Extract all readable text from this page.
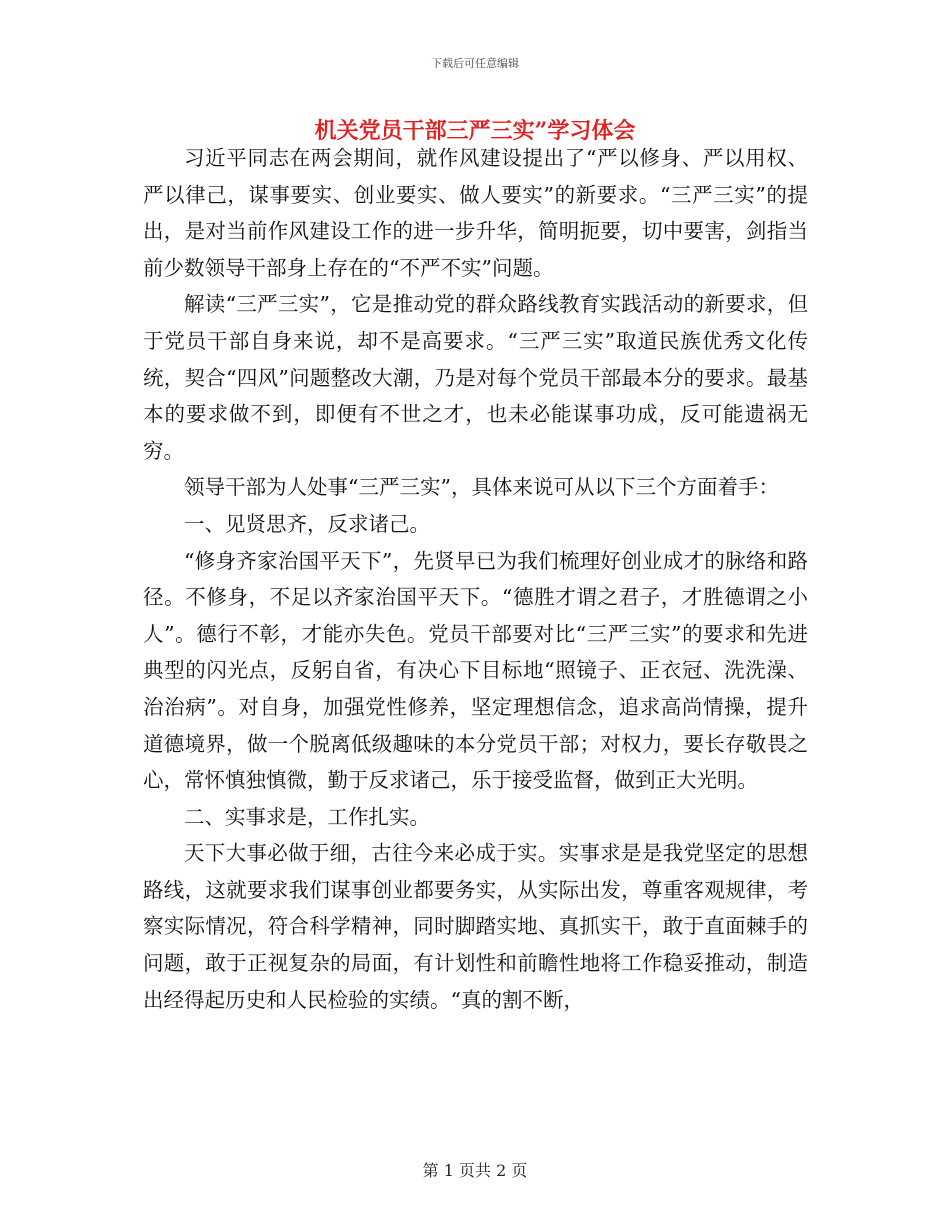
下载后可任意编辑
机关党员干部三严三实”学习体会

习近平同志在两会期间，就作风建设提出了“严以修身、严以用权、严以律己，谋事要实、创业要实、做人要实”的新要求。“三严三实”的提出，是对当前作风建设工作的进一步升华，简明扼要，切中要害，剑指当前少数领导干部身上存在的“不严不实”问题。

解读“三严三实”，它是推动党的群众路线教育实践活动的新要求，但于党员干部自身来说，却不是高要求。“三严三实”取道民族优秀文化传统，契合“四风”问题整改大潮，乃是对每个党员干部最本分的要求。最基本的要求做不到，即便有不世之才，也未必能谋事功成，反可能遗祸无穷。

领导干部为人处事“三严三实”，具体来说可从以下三个方面着手：

一、见贤思齐，反求诸己。

“修身齐家治国平天下”，先贤早已为我们梳理好创业成才的脉络和路径。不修身，不足以齐家治国平天下。“德胜才谓之君子，才胜德谓之小人”。德行不彰，才能亦失色。党员干部要对比“三严三实”的要求和先进典型的闪光点，反躬自省，有决心下目标地“照镜子、正衣冠、洗洗澡、治治病”。对自身，加强党性修养，坚定理想信念，追求高尚情操，提升道德境界，做一个脱离低级趣味的本分党员干部；对权力，要长存敬畏之心，常怀慎独慎微，勤于反求诸己，乐于接受监督，做到正大光明。

二、实事求是，工作扎实。

天下大事必做于细，古往今来必成于实。实事求是是我党坚定的思想路线，这就要求我们谋事创业都要务实，从实际出发，尊重客观规律，考察实际情况，符合科学精神，同时脚踏实地、真抓实干，敢于直面棘手的问题，敢于正视复杂的局面，有计划性和前瞻性地将工作稳妥推动，制造出经得起历史和人民检验的实绩。“真的割不断，

第 1 页共 2 页
